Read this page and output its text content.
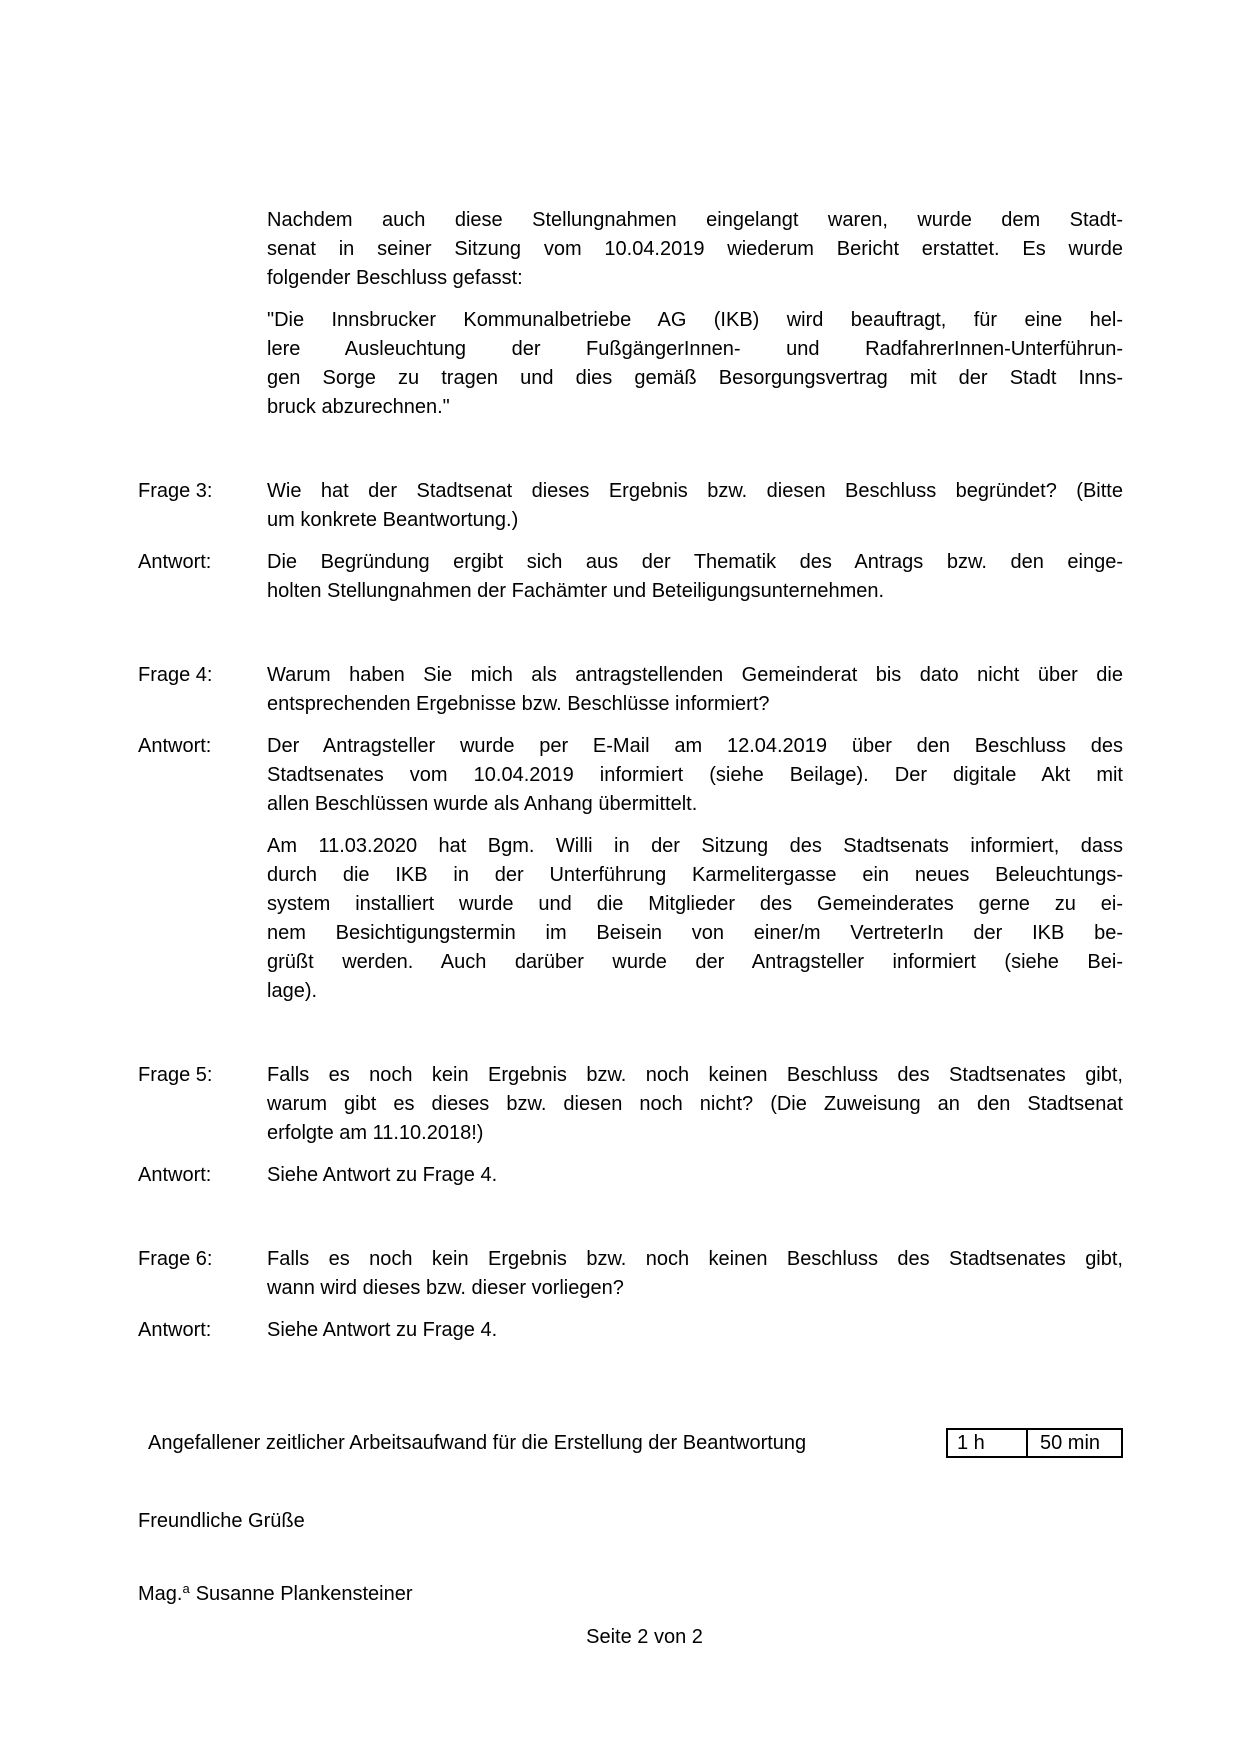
Nachdem auch diese Stellungnahmen eingelangt waren, wurde dem Stadt-
senat in seiner Sitzung vom 10.04.2019 wiederum Bericht erstattet. Es wurde
folgender Beschluss gefasst:
"Die Innsbrucker Kommunalbetriebe AG (IKB) wird beauftragt, für eine hel-
lere Ausleuchtung der FußgängerInnen- und RadfahrerInnen-Unterführun-
gen Sorge zu tragen und dies gemäß Besorgungsvertrag mit der Stadt Inns-
bruck abzurechnen."
Frage 3:	Wie hat der Stadtsenat dieses Ergebnis bzw. diesen Beschluss begründet? (Bitte
um konkrete Beantwortung.)
Antwort:	Die Begründung ergibt sich aus der Thematik des Antrags bzw. den einge-
holten Stellungnahmen der Fachämter und Beteiligungsunternehmen.
Frage 4:	Warum haben Sie mich als antragstellenden Gemeinderat bis dato nicht über die
entsprechenden Ergebnisse bzw. Beschlüsse informiert?
Antwort:	Der Antragsteller wurde per E-Mail am 12.04.2019 über den Beschluss des
Stadtsenates vom 10.04.2019 informiert (siehe Beilage). Der digitale Akt mit
allen Beschlüssen wurde als Anhang übermittelt.
Am 11.03.2020 hat Bgm. Willi in der Sitzung des Stadtsenats informiert, dass
durch die IKB in der Unterführung Karmelitergasse ein neues Beleuchtungs-
system installiert wurde und die Mitglieder des Gemeinderates gerne zu ei-
nem Besichtigungstermin im Beisein von einer/m VertreterIn der IKB be-
grüßt werden. Auch darüber wurde der Antragsteller informiert (siehe Bei-
lage).
Frage 5:	Falls es noch kein Ergebnis bzw. noch keinen Beschluss des Stadtsenates gibt,
warum gibt es dieses bzw. diesen noch nicht? (Die Zuweisung an den Stadtsenat
erfolgte am 11.10.2018!)
Antwort:	Siehe Antwort zu Frage 4.
Frage 6:	Falls es noch kein Ergebnis bzw. noch keinen Beschluss des Stadtsenates gibt,
wann wird dieses bzw. dieser vorliegen?
Antwort:	Siehe Antwort zu Frage 4.
Angefallener zeitlicher Arbeitsaufwand für die Erstellung der Beantwortung	1 h	50 min
Freundliche Grüße
Mag.$^a$ Susanne Plankensteiner
Seite 2 von 2
